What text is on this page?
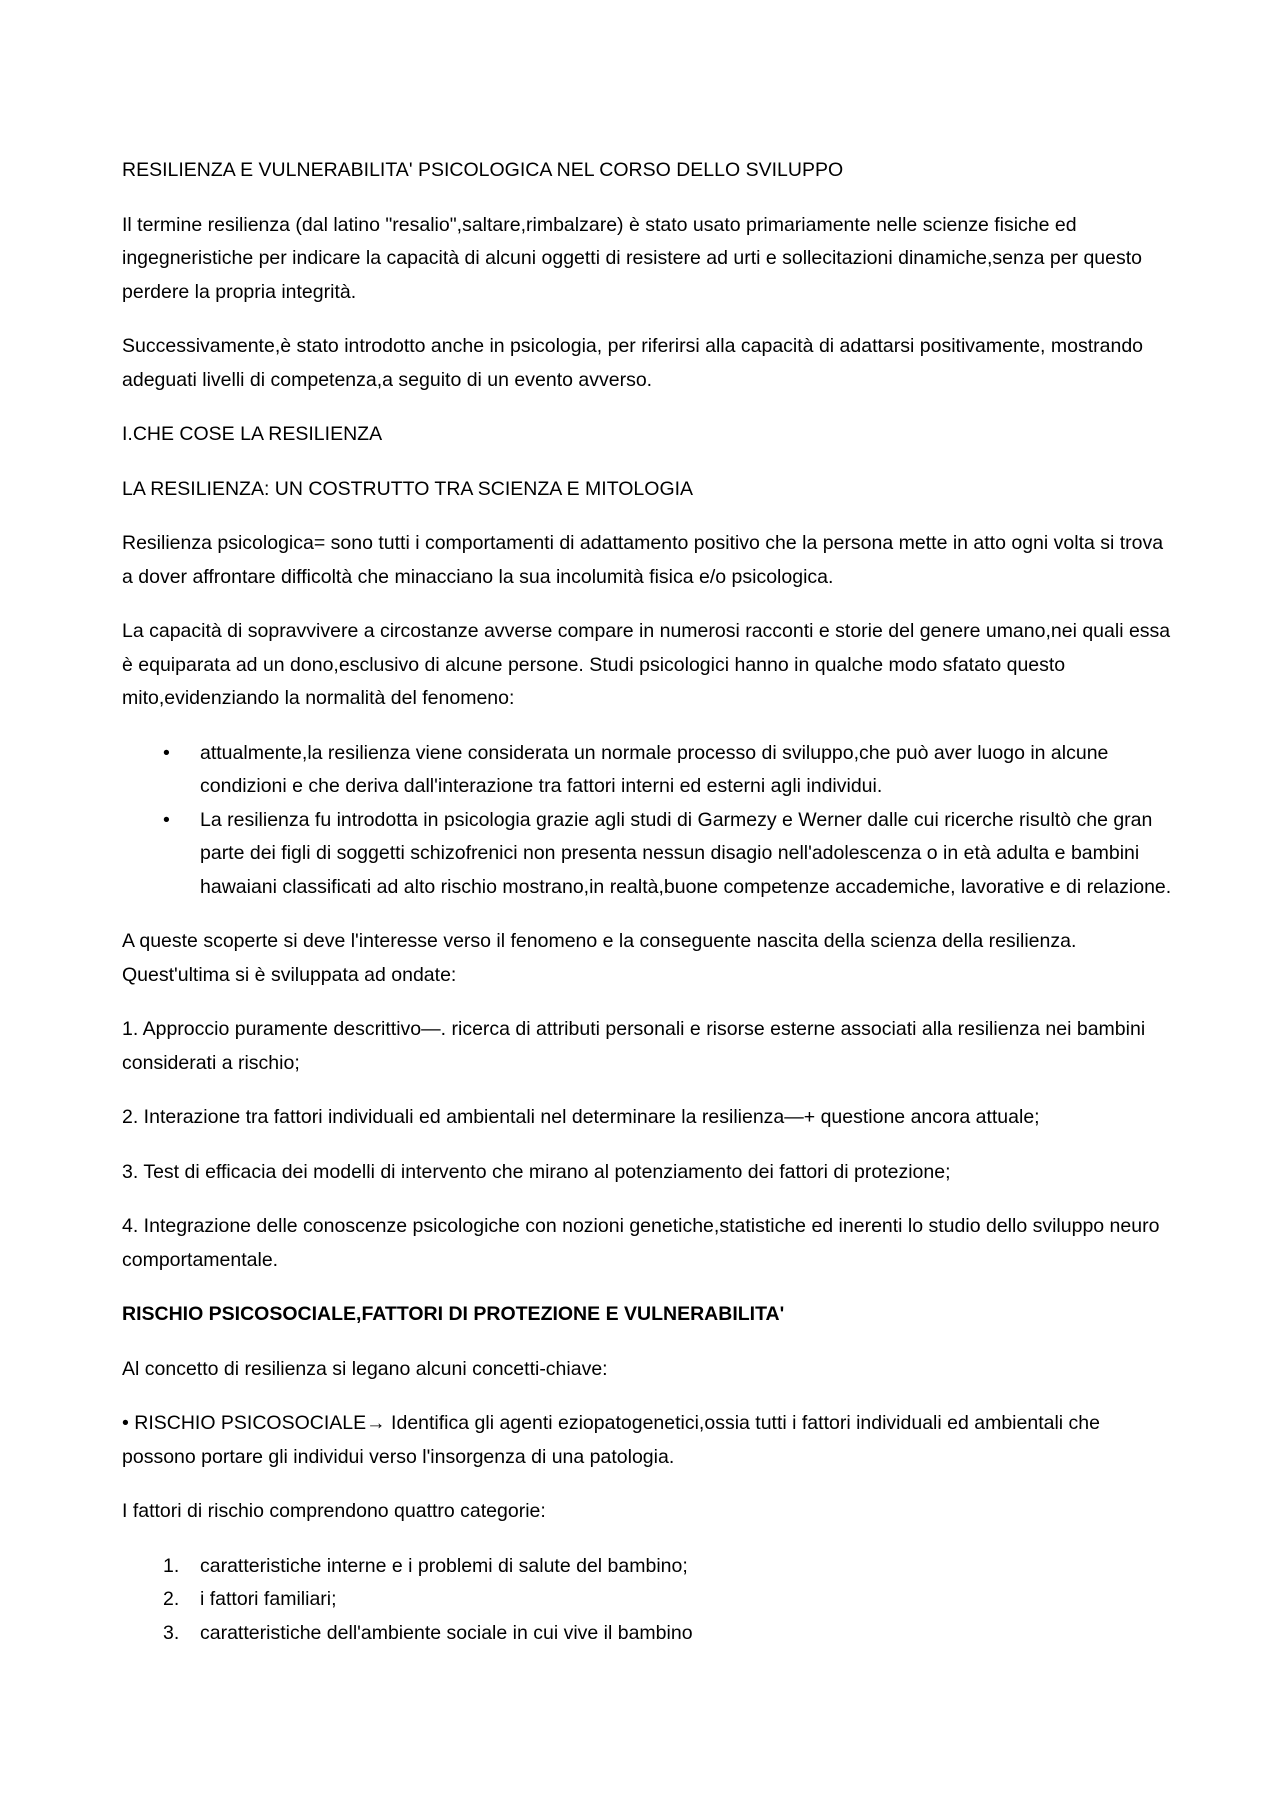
RESILIENZA E VULNERABILITA' PSICOLOGICA NEL CORSO DELLO SVILUPPO

Il termine resilienza (dal latino "resalio",saltare,rimbalzare) è stato usato primariamente nelle scienze fisiche ed ingegneristiche per indicare la capacità di alcuni oggetti di resistere ad urti e sollecitazioni dinamiche,senza per questo perdere la propria integrità.

Successivamente,è stato introdotto anche in psicologia, per riferirsi alla capacità di adattarsi positivamente, mostrando adeguati livelli di competenza,a seguito di un evento avverso.

I.CHE COSE LA RESILIENZA

LA RESILIENZA: UN COSTRUTTO TRA SCIENZA E MITOLOGIA

Resilienza psicologica= sono tutti i comportamenti di adattamento positivo che la persona mette in atto ogni volta si trova a dover affrontare difficoltà che minacciano la sua incolumità fisica e/o psicologica.

La capacità di sopravvivere a circostanze avverse compare in numerosi racconti e storie del genere umano,nei quali essa è equiparata ad un dono,esclusivo di alcune persone. Studi psicologici hanno in qualche modo sfatato questo mito,evidenziando la normalità del fenomeno:

• attualmente,la resilienza viene considerata un normale processo di sviluppo,che può aver luogo in alcune condizioni e che deriva dall'interazione tra fattori interni ed esterni agli individui.
• La resilienza fu introdotta in psicologia grazie agli studi di Garmezy e Werner dalle cui ricerche risultò che gran parte dei figli di soggetti schizofrenici non presenta nessun disagio nell'adolescenza o in età adulta e bambini hawaiani classificati ad alto rischio mostrano,in realtà,buone competenze accademiche, lavorative e di relazione.

A queste scoperte si deve l'interesse verso il fenomeno e la conseguente nascita della scienza della resilienza. Quest'ultima si è sviluppata ad ondate:

1. Approccio puramente descrittivo—. ricerca di attributi personali e risorse esterne associati alla resilienza nei bambini considerati a rischio;

2. Interazione tra fattori individuali ed ambientali nel determinare la resilienza—+ questione ancora attuale;

3. Test di efficacia dei modelli di intervento che mirano al potenziamento dei fattori di protezione;

4. Integrazione delle conoscenze psicologiche con nozioni genetiche,statistiche ed inerenti lo studio dello sviluppo neuro comportamentale.

RISCHIO PSICOSOCIALE,FATTORI DI PROTEZIONE E VULNERABILITA'

Al concetto di resilienza si legano alcuni concetti-chiave:

• RISCHIO PSICOSOCIALE→ Identifica gli agenti eziopatogenetici,ossia tutti i fattori individuali ed ambientali che possono portare gli individui verso l'insorgenza di una patologia.

I fattori di rischio comprendono quattro categorie:

1. caratteristiche interne e i problemi di salute del bambino;
2. i fattori familiari;
3. caratteristiche dell'ambiente sociale in cui vive il bambino
